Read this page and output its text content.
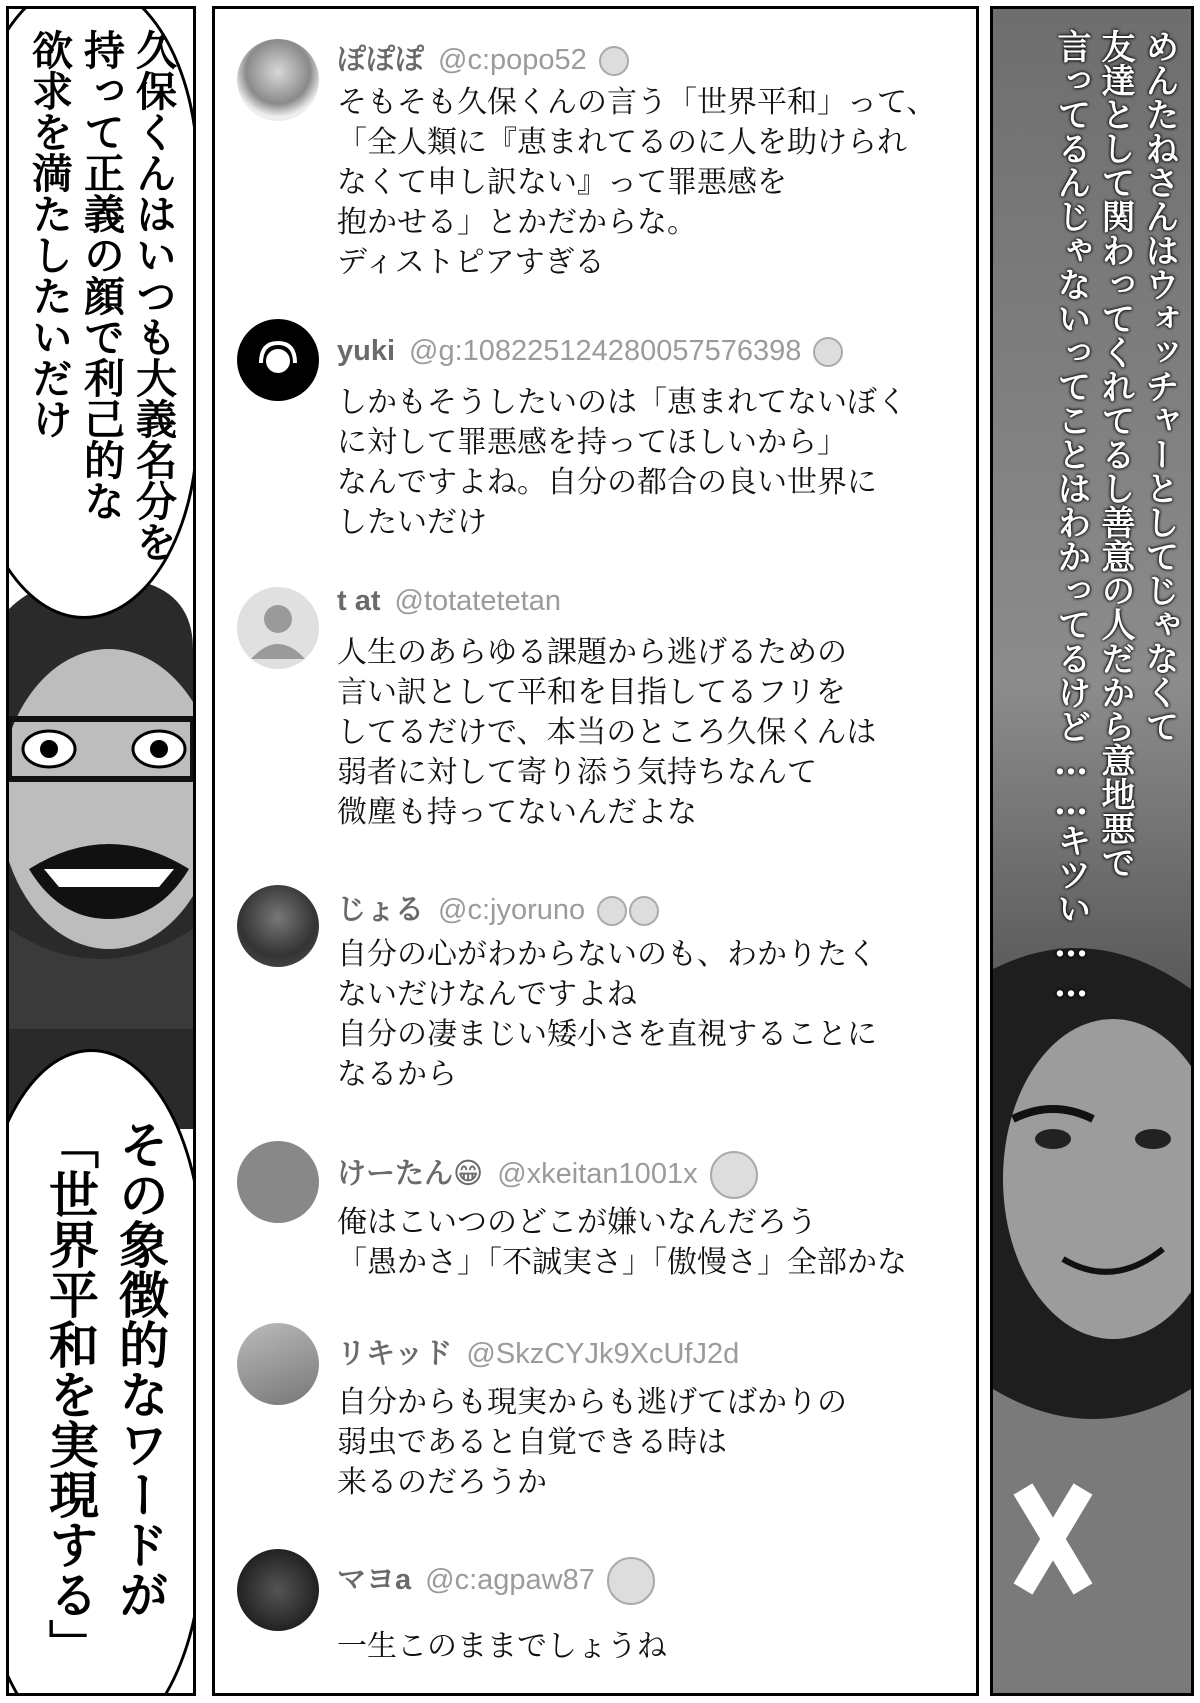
久保くんはいつも大義名分を
持って正義の顔で利己的な
欲求を満たしたいだけ
その象徴的なワードが
「世界平和を実現する」
ぽぽぽ @c:popo52
そもそも久保くんの言う「世界平和」って、
「全人類に『恵まれてるのに人を助けられ
なくて申し訳ない』って罪悪感を
抱かせる」とかだからな。
ディストピアすぎる
yuki @g:1082251242800575763​98
しかもそうしたいのは「恵まれてないぼく
に対して罪悪感を持ってほしいから」
なんですよね。自分の都合の良い世界に
したいだけ
t at @totatetetan
人生のあらゆる課題から逃げるための
言い訳として平和を目指してるフリを
してるだけで、本当のところ久保くんは
弱者に対して寄り添う気持ちなんて
微塵も持ってないんだよな
じょる @c:jyoruno
自分の心がわからないのも、わかりたく
ないだけなんですよね
自分の凄まじい矮小さを直視することに
なるから
けーたん😁 @xkeitan1001x
俺はこいつのどこが嫌いなんだろう
「愚かさ」「不誠実さ」「傲慢さ」全部かな
リキッド @SkzCYJk9XcUfJ2d
自分からも現実からも逃げてばかりの
弱虫であると自覚できる時は
来るのだろうか
マヨa @c:agpaw87
一生このままでしょうね
めんたねさんはウォッチャーとしてじゃなくて
友達として関わってくれてるし善意の人だから意地悪で
言ってるんじゃないってことはわかってるけど……キツい……
